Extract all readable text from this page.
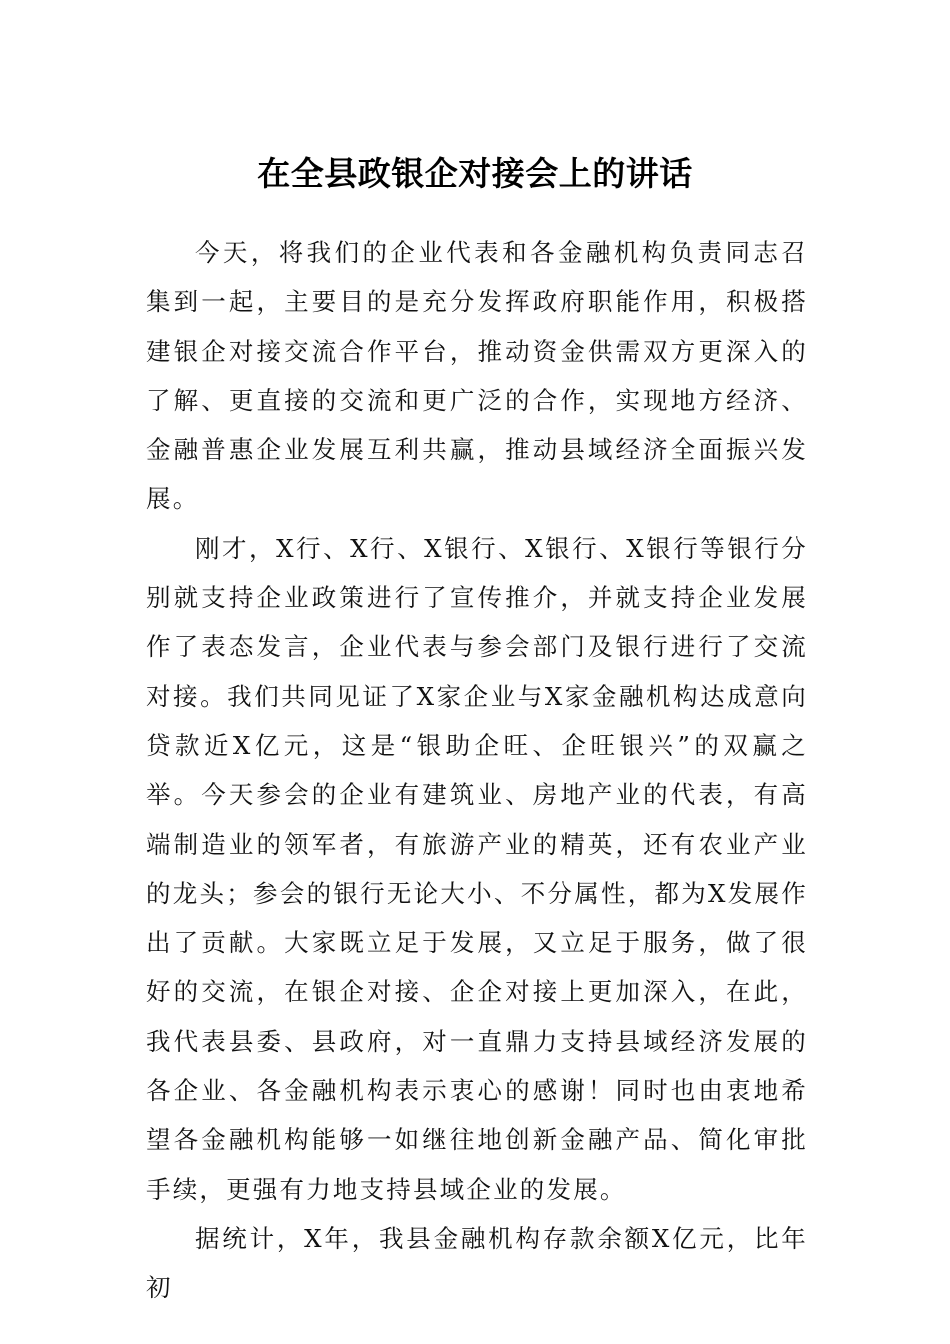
在全县政银企对接会上的讲话

今天，将我们的企业代表和各金融机构负责同志召集到一起，主要目的是充分发挥政府职能作用，积极搭建银企对接交流合作平台，推动资金供需双方更深入的了解、更直接的交流和更广泛的合作，实现地方经济、金融普惠企业发展互利共赢，推动县域经济全面振兴发展。

刚才，X行、X行、X银行、X银行、X银行等银行分别就支持企业政策进行了宣传推介，并就支持企业发展作了表态发言，企业代表与参会部门及银行进行了交流对接。我们共同见证了X家企业与X家金融机构达成意向贷款近X亿元，这是“银助企旺、企旺银兴”的双赢之举。今天参会的企业有建筑业、房地产业的代表，有高端制造业的领军者，有旅游产业的精英，还有农业产业的龙头；参会的银行无论大小、不分属性，都为X发展作出了贡献。大家既立足于发展，又立足于服务，做了很好的交流，在银企对接、企企对接上更加深入，在此，我代表县委、县政府，对一直鼎力支持县域经济发展的各企业、各金融机构表示衷心的感谢！同时也由衷地希望各金融机构能够一如继往地创新金融产品、简化审批手续，更强有力地支持县域企业的发展。

据统计，X年，我县金融机构存款余额X亿元，比年初
